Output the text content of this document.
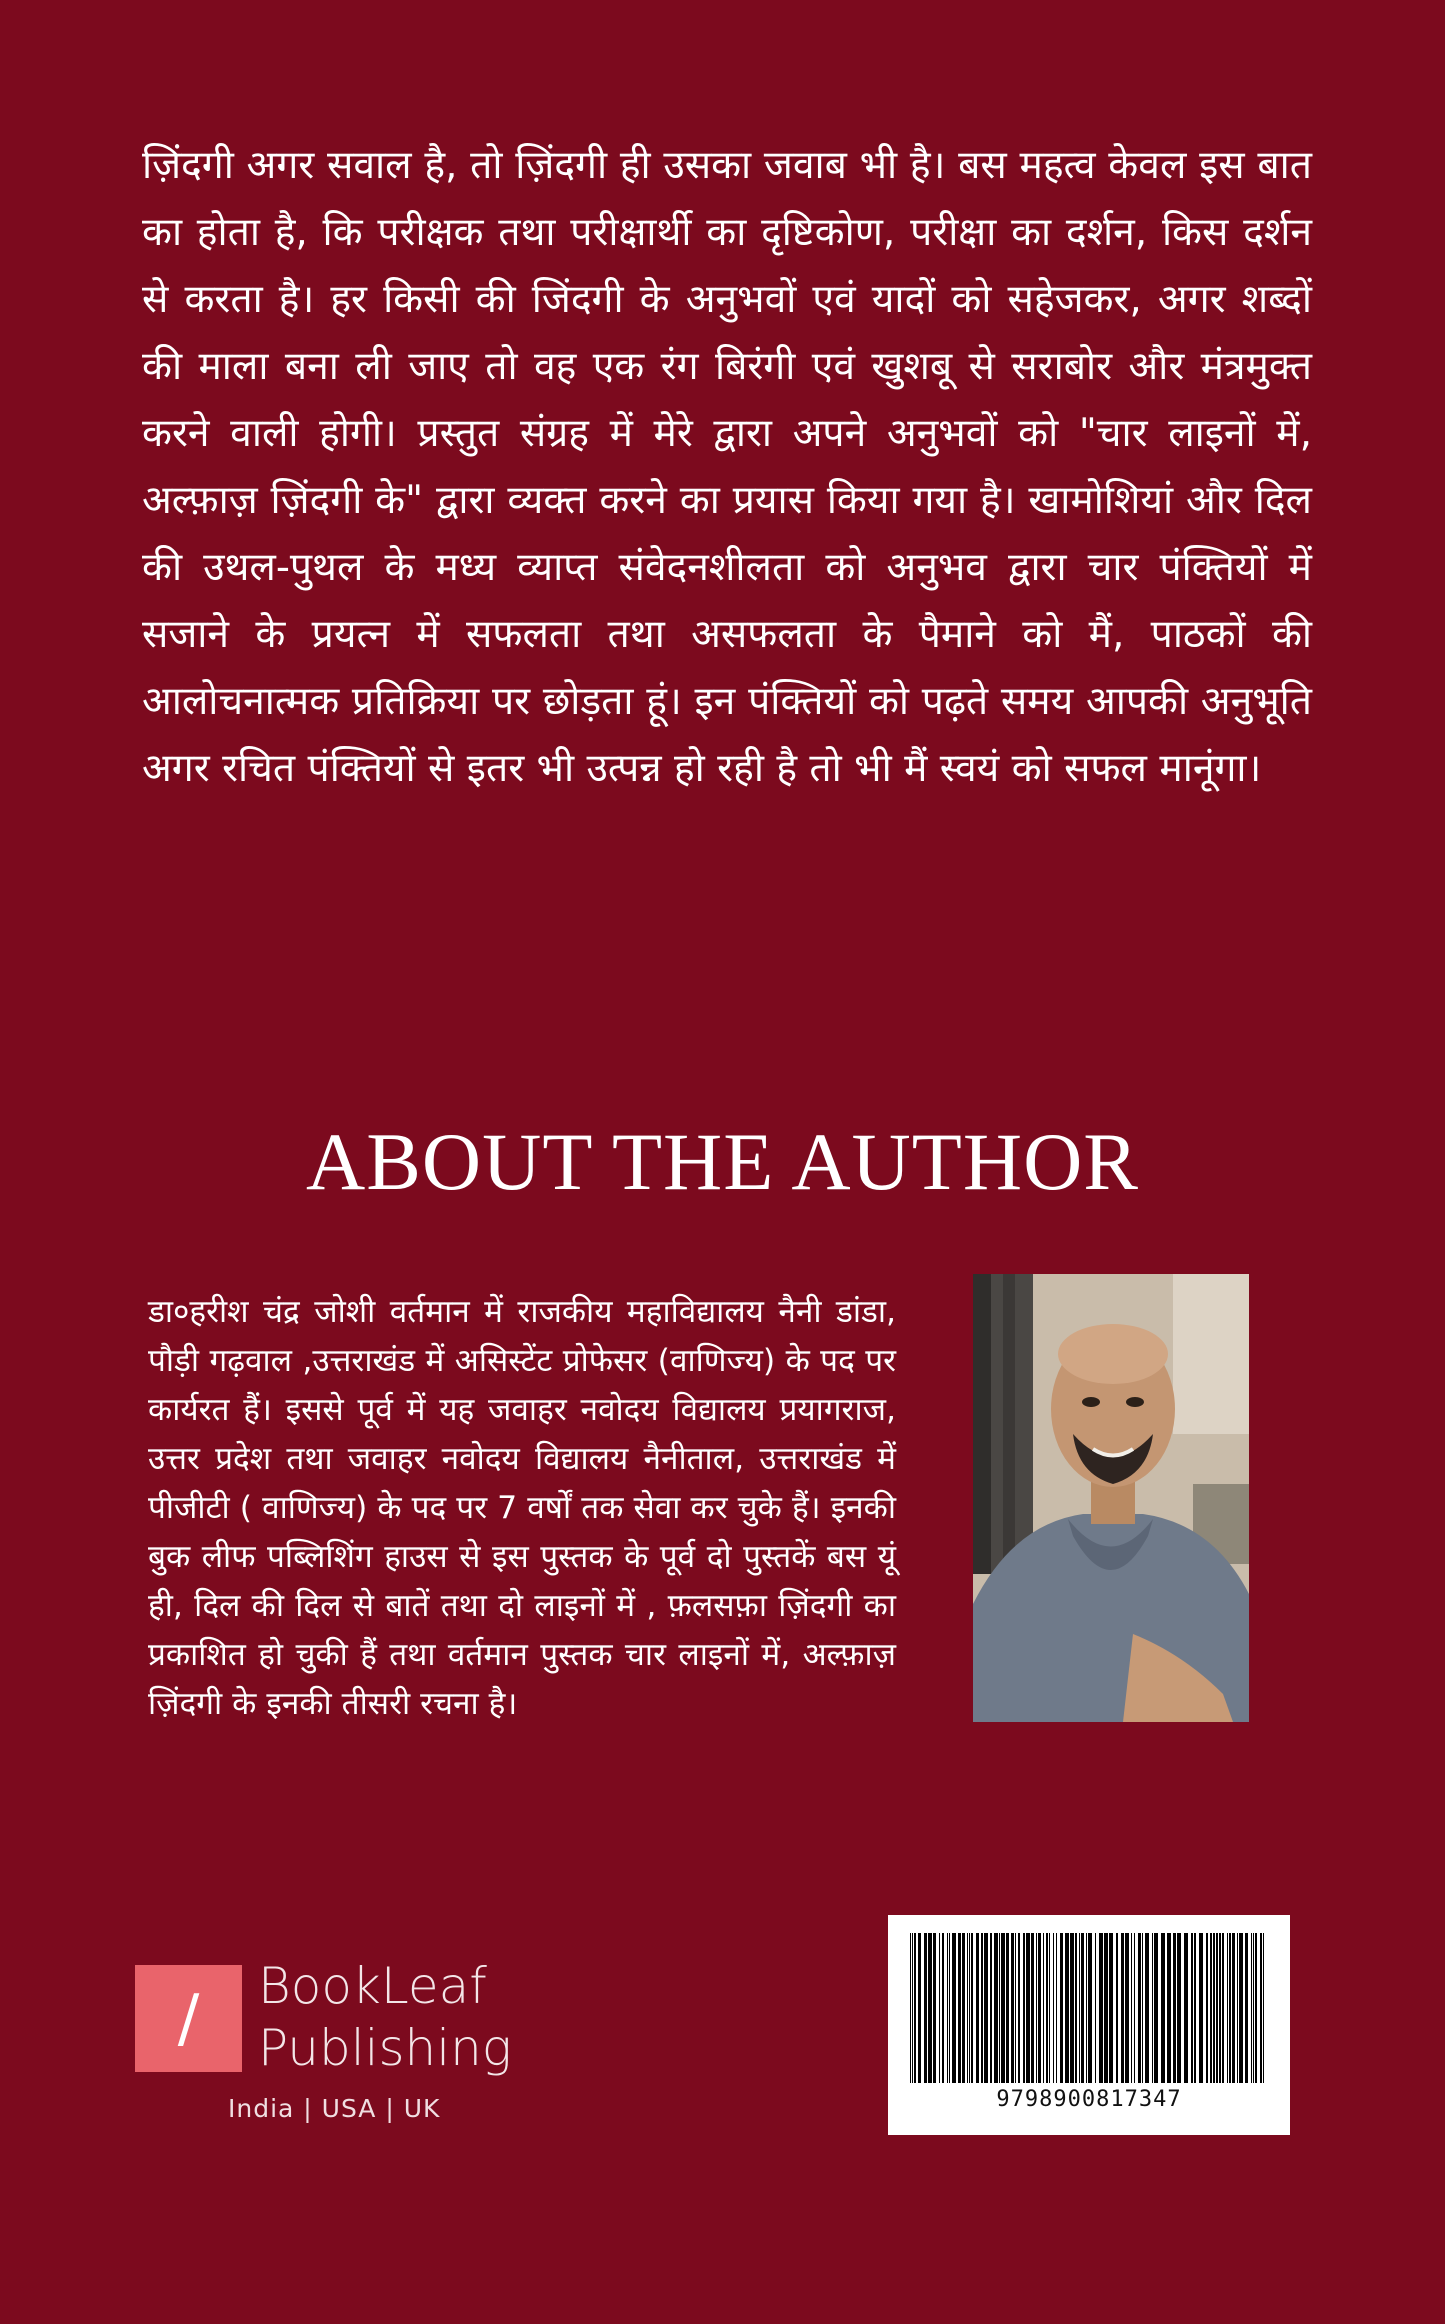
ज़िंदगी अगर सवाल है, तो ज़िंदगी ही उसका जवाब भी है। बस महत्व केवल इस बात का होता है, कि परीक्षक तथा परीक्षार्थी का दृष्टिकोण, परीक्षा का दर्शन, किस दर्शन से करता है। हर किसी की जिंदगी के अनुभवों एवं यादों को सहेजकर, अगर शब्दों की माला बना ली जाए तो वह एक रंग बिरंगी एवं खुशबू से सराबोर और मंत्रमुक्त करने वाली होगी। प्रस्तुत संग्रह में मेरे द्वारा अपने अनुभवों को "चार लाइनों में, अल्फ़ाज़ ज़िंदगी के" द्वारा व्यक्त करने का प्रयास किया गया है। खामोशियां और दिल की उथल-पुथल के मध्य व्याप्त संवेदनशीलता को अनुभव द्वारा चार पंक्तियों में सजाने के प्रयत्न में सफलता तथा असफलता के पैमाने को मैं, पाठकों की आलोचनात्मक प्रतिक्रिया पर छोड़ता हूं। इन पंक्तियों को पढ़ते समय आपकी अनुभूति अगर रचित पंक्तियों से इतर भी उत्पन्न हो रही है तो भी मैं स्वयं को सफल मानूंगा।

ABOUT THE AUTHOR

डा०हरीश चंद्र जोशी वर्तमान में राजकीय महाविद्यालय नैनी डांडा, पौड़ी गढ़वाल ,उत्तराखंड में असिस्टेंट प्रोफेसर (वाणिज्य) के पद पर कार्यरत हैं। इससे पूर्व में यह जवाहर नवोदय विद्यालय प्रयागराज, उत्तर प्रदेश तथा जवाहर नवोदय विद्यालय नैनीताल, उत्तराखंड में पीजीटी ( वाणिज्य) के पद पर 7 वर्षों तक सेवा कर चुके हैं। इनकी बुक लीफ पब्लिशिंग हाउस से इस पुस्तक के पूर्व दो पुस्तकें बस यूं ही, दिल की दिल से बातें तथा दो लाइनों में , फ़लसफ़ा ज़िंदगी का प्रकाशित हो चुकी हैं तथा वर्तमान पुस्तक चार लाइनों में, अल्फ़ाज़ ज़िंदगी के इनकी तीसरी रचना है।

9798900817347
/	BookLeaf
Publishing
India | USA | UK
